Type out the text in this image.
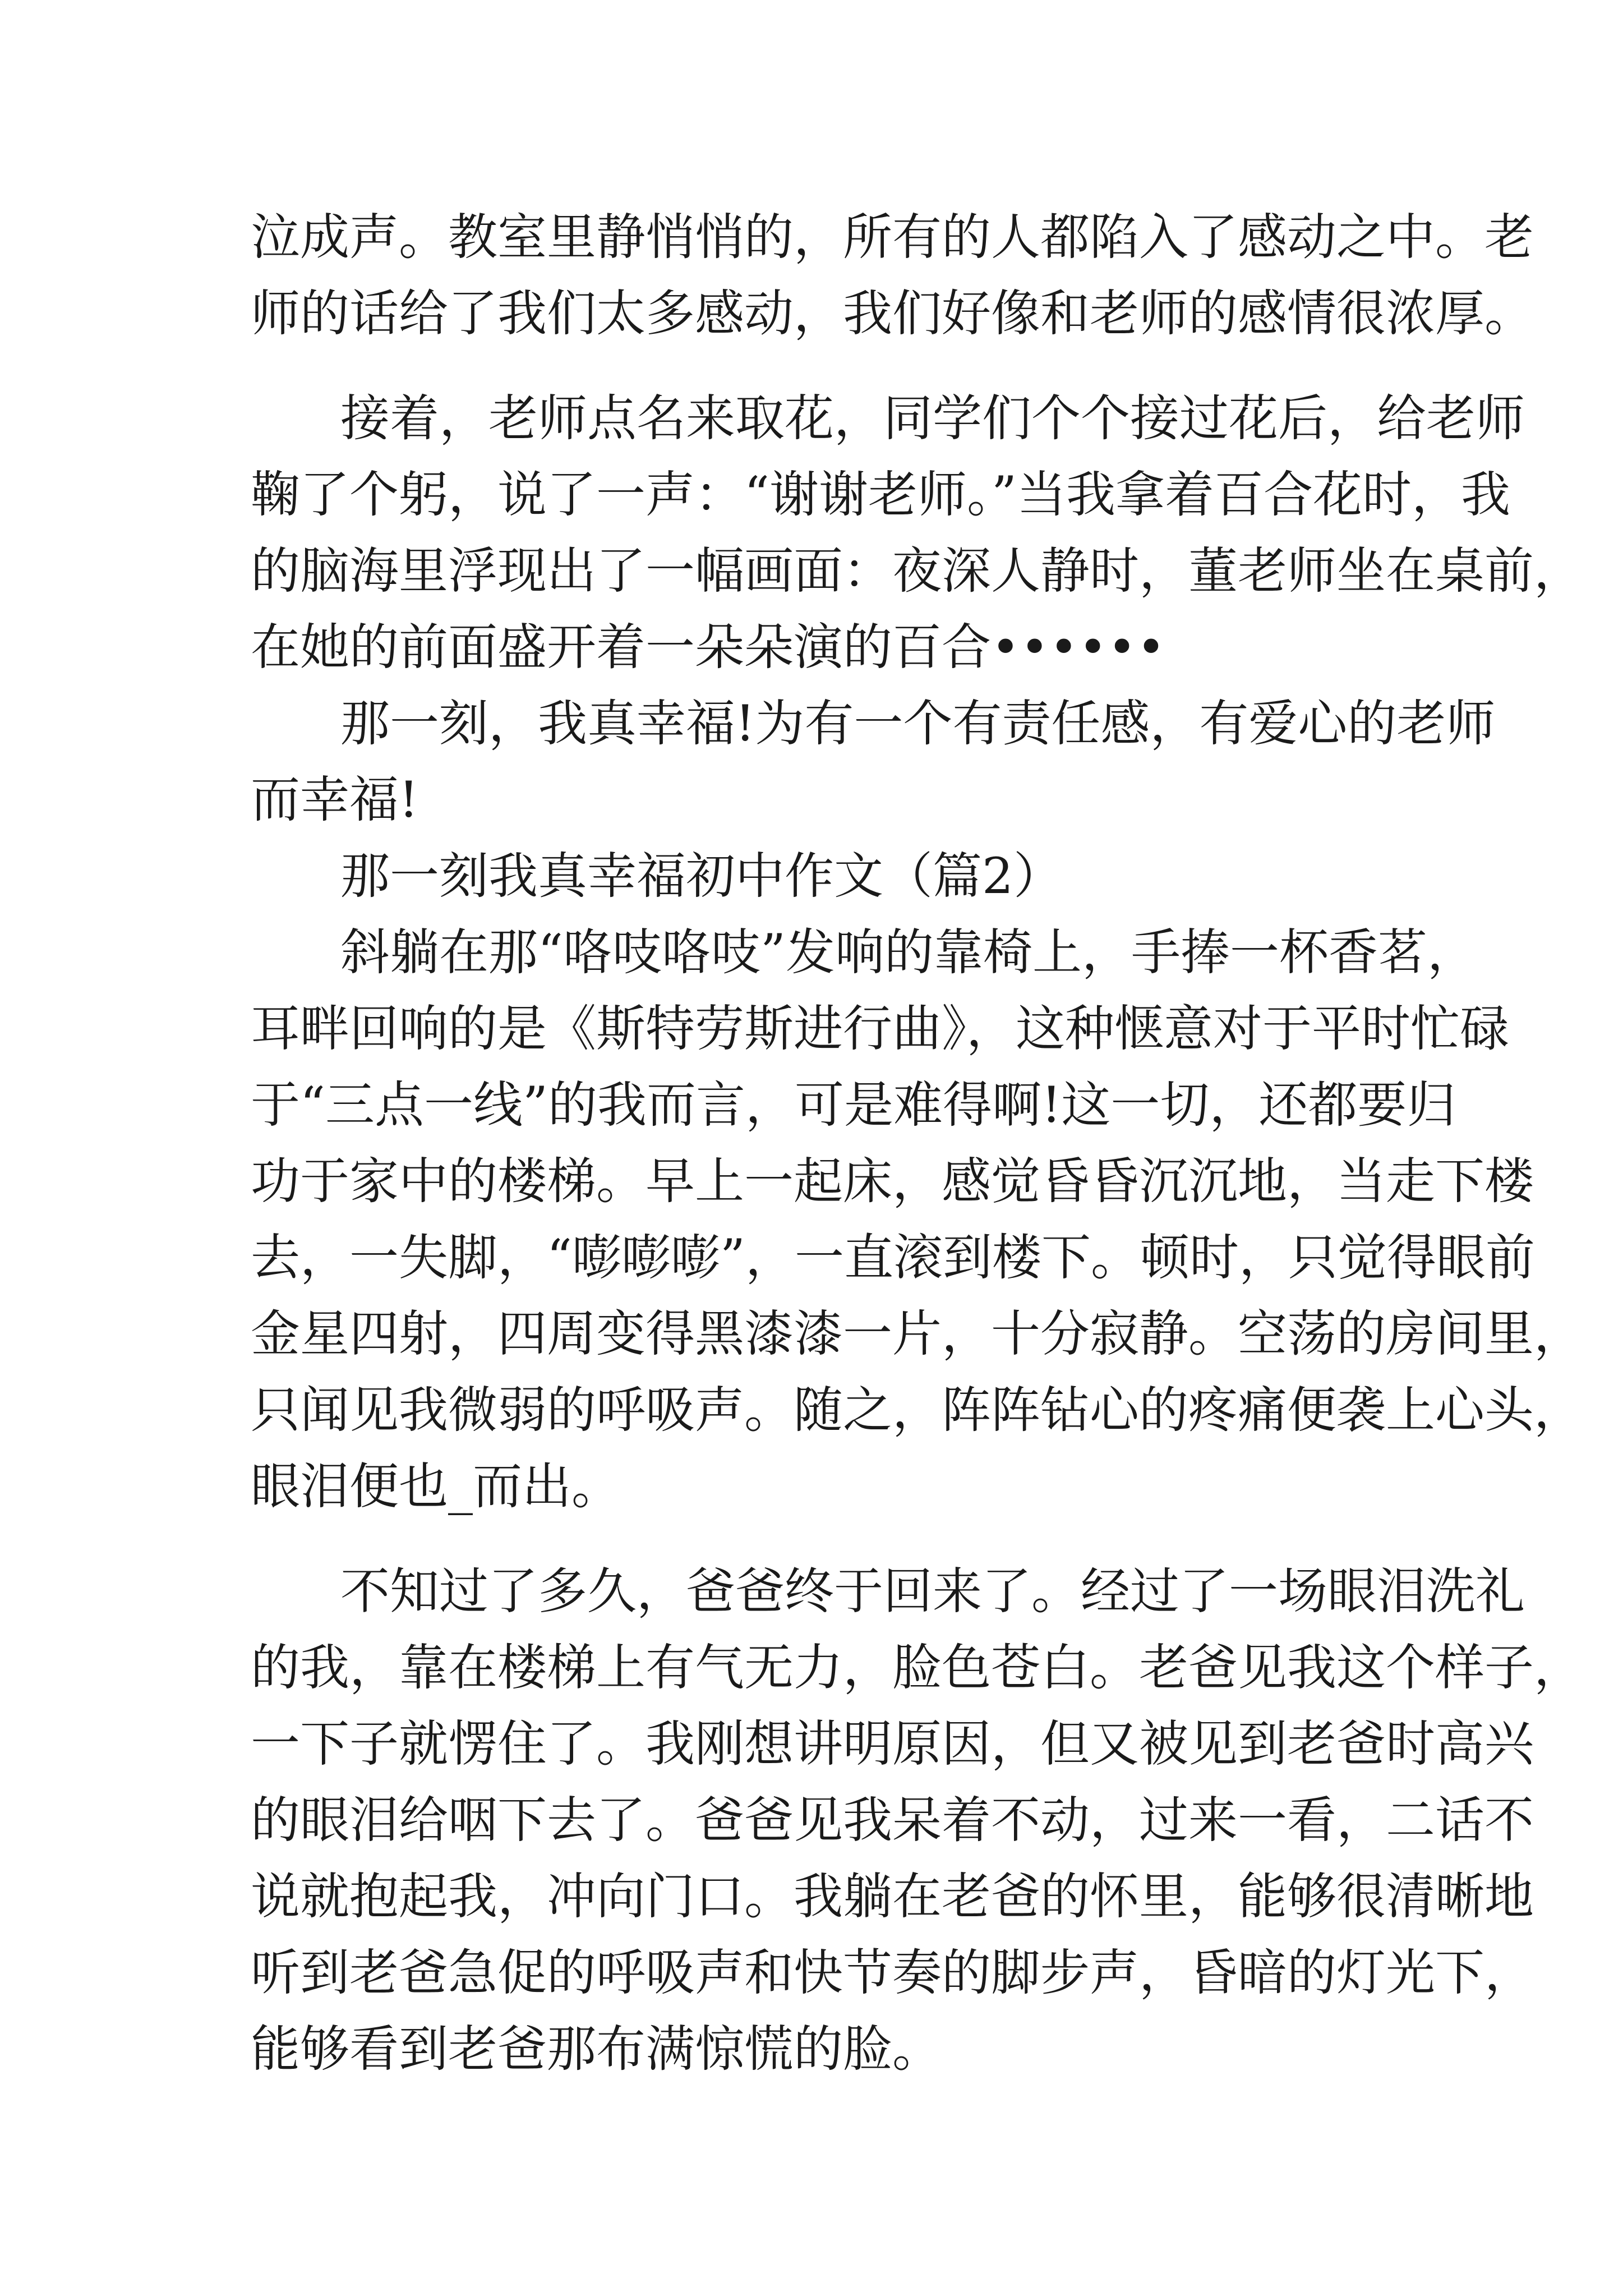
泣成声。教室里静悄悄的，所有的人都陷入了感动之中。老
师的话给了我们太多感动，我们好像和老师的感情很浓厚。
接着，老师点名来取花，同学们个个接过花后，给老师
鞠了个躬，说了一声：“谢谢老师。”当我拿着百合花时，我
的脑海里浮现出了一幅画面：夜深人静时，董老师坐在桌前，
在她的前面盛开着一朵朵演的百合••••••
那一刻，我真幸福!为有一个有责任感，有爱心的老师
而幸福!
那一刻我真幸福初中作文（篇2）
斜躺在那“咯吱咯吱”发响的靠椅上，手捧一杯香茗，
耳畔回响的是《斯特劳斯进行曲》，这种惬意对于平时忙碌
于“三点一线”的我而言，可是难得啊!这一切，还都要归
功于家中的楼梯。早上一起床，感觉昏昏沉沉地，当走下楼
去，一失脚，“嘭嘭嘭”，一直滚到楼下。顿时，只觉得眼前
金星四射，四周变得黑漆漆一片，十分寂静。空荡的房间里，
只闻见我微弱的呼吸声。随之，阵阵钻心的疼痛便袭上心头，
眼泪便也_而出。
不知过了多久，爸爸终于回来了。经过了一场眼泪洗礼
的我，靠在楼梯上有气无力，脸色苍白。老爸见我这个样子，
一下子就愣住了。我刚想讲明原因，但又被见到老爸时高兴
的眼泪给咽下去了。爸爸见我呆着不动，过来一看，二话不
说就抱起我，冲向门口。我躺在老爸的怀里，能够很清晰地
听到老爸急促的呼吸声和快节奏的脚步声，昏暗的灯光下，
能够看到老爸那布满惊慌的脸。
